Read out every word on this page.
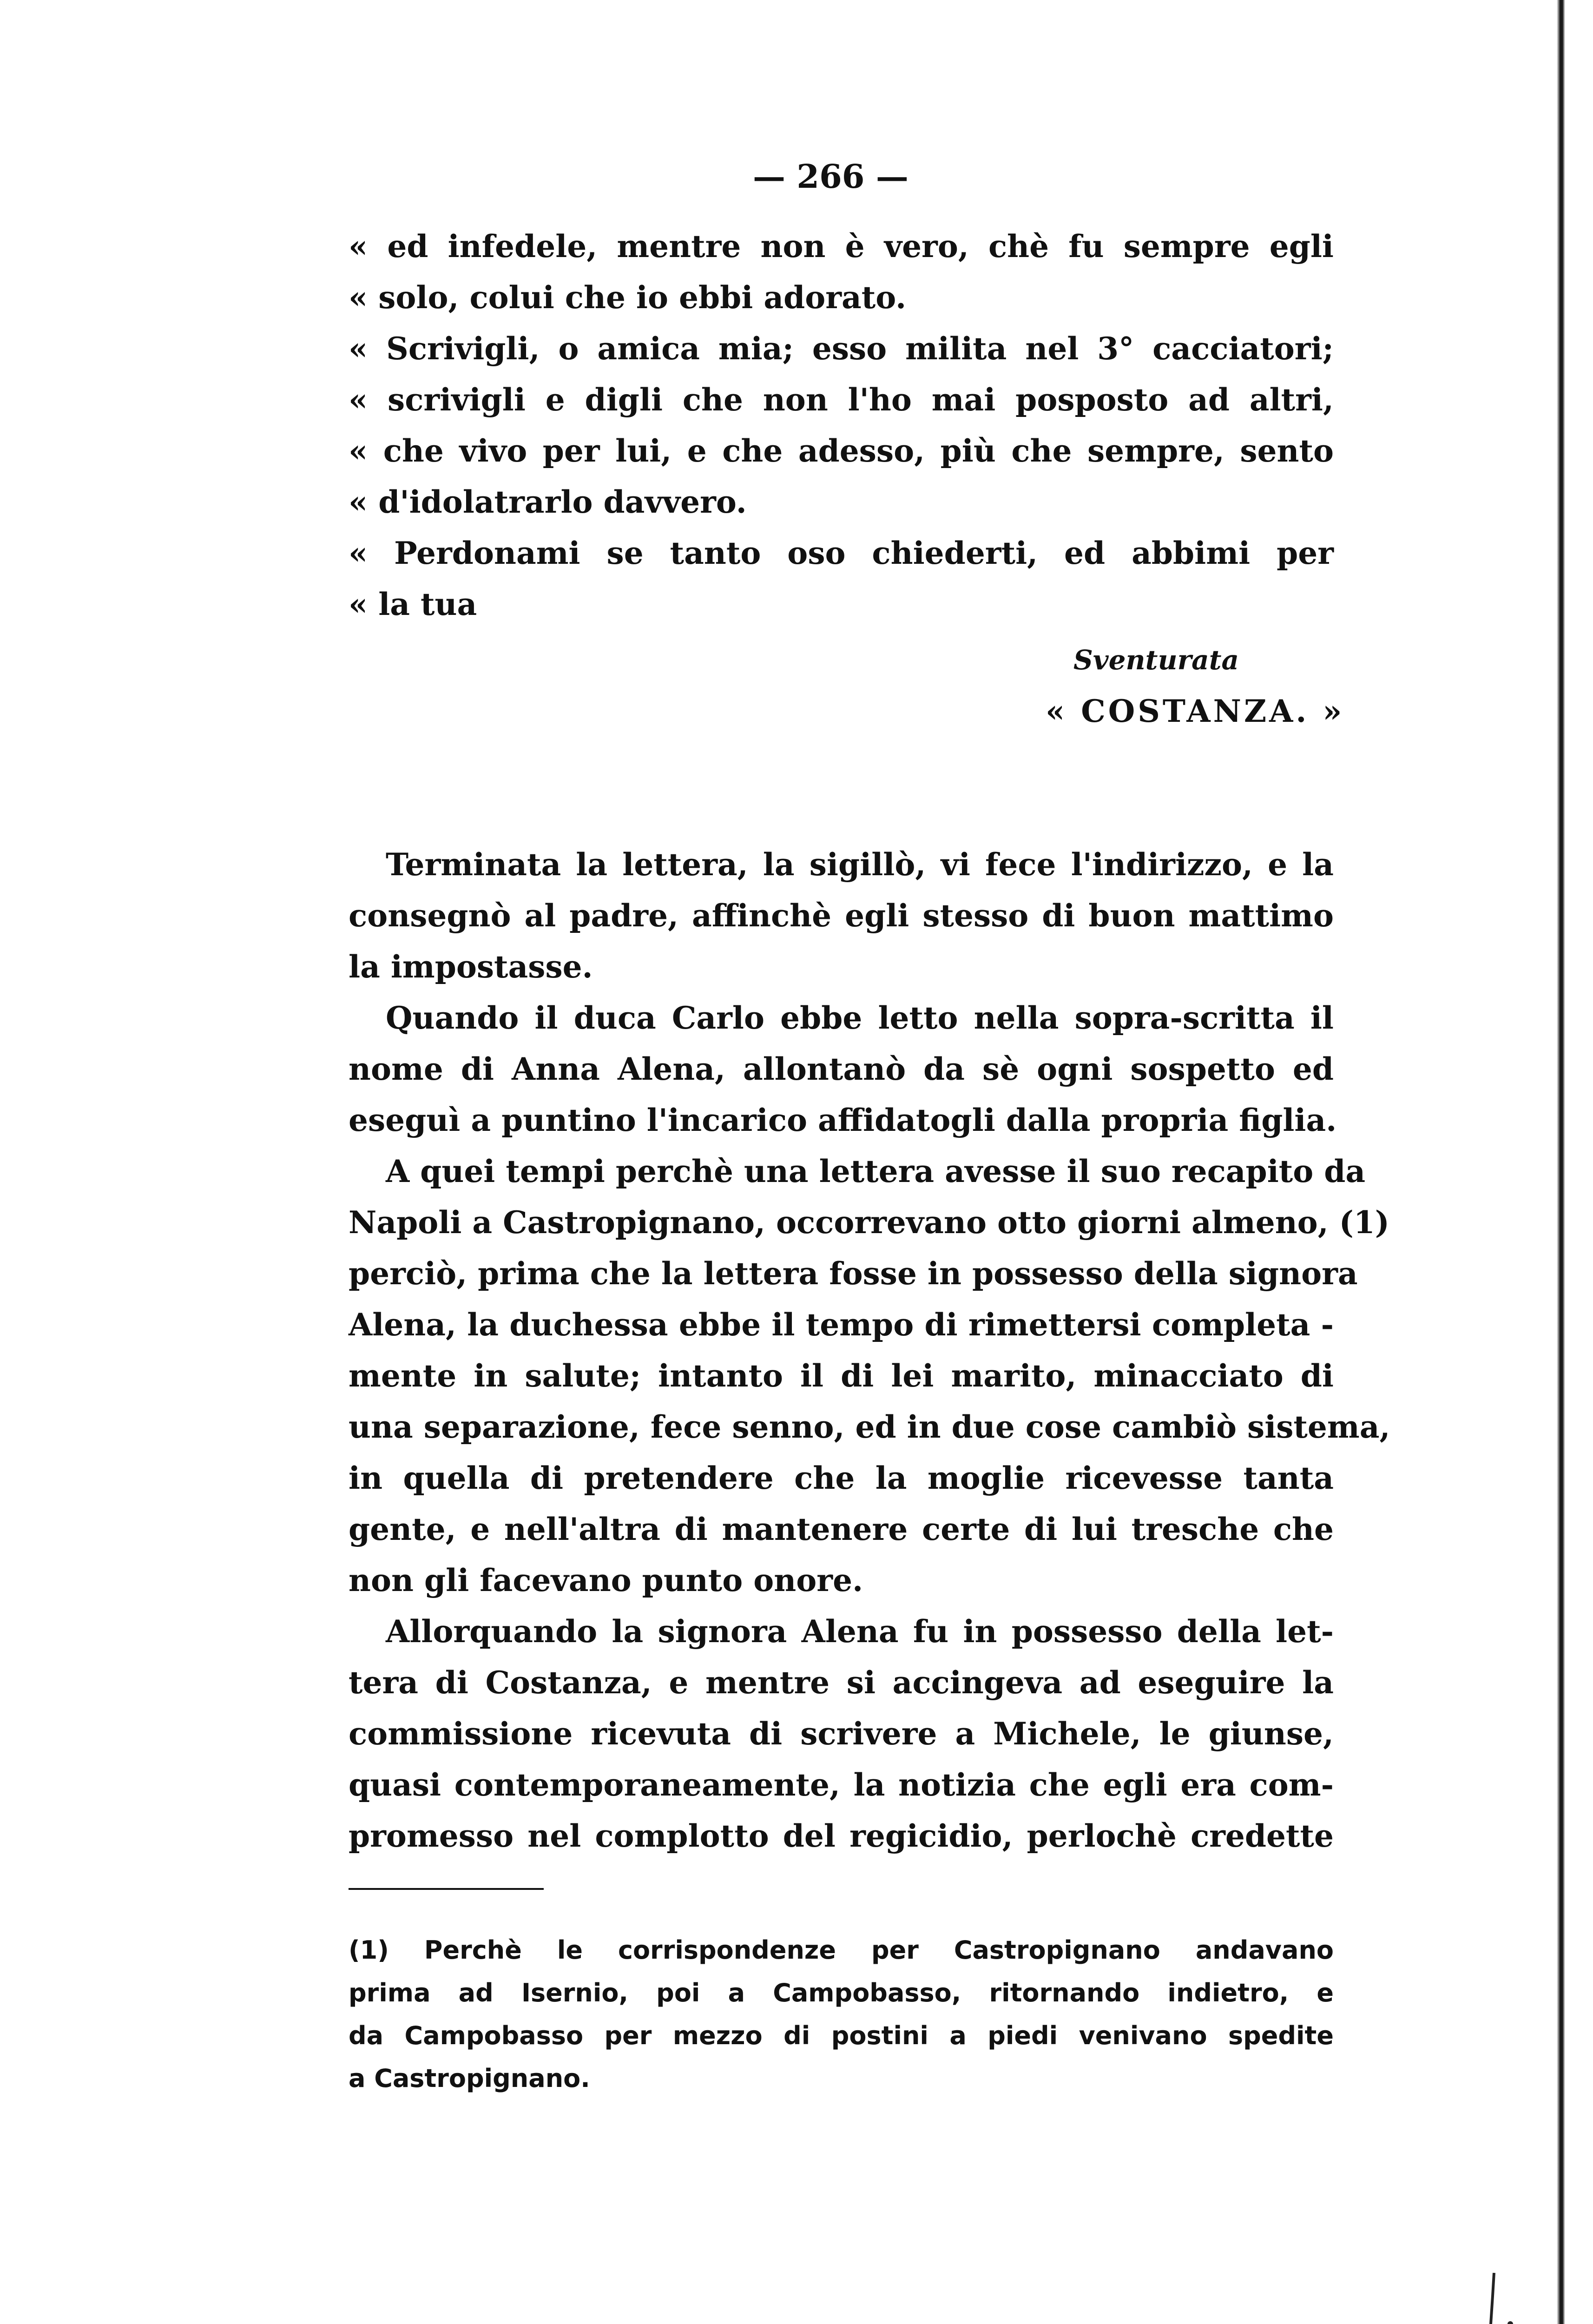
— 266 —
« ed infedele, mentre non è vero, chè fu sempre egli
« solo, colui che io ebbi adorato.
« Scrivigli, o amica mia; esso milita nel 3° cacciatori;
« scrivigli e digli che non l'ho mai posposto ad altri,
« che vivo per lui, e che adesso, più che sempre, sento
« d'idolatrarlo davvero.
« Perdonami se tanto oso chiederti, ed abbimi per
« la tua
Sventurata
« COSTANZA. »
Terminata la lettera, la sigillò, vi fece l'indirizzo, e la
consegnò al padre, affinchè egli stesso di buon mattimo
la impostasse.
Quando il duca Carlo ebbe letto nella sopra-scritta il
nome di Anna Alena, allontanò da sè ogni sospetto ed
eseguì a puntino l'incarico affidatogli dalla propria figlia.
A quei tempi perchè una lettera avesse il suo recapito da
Napoli a Castropignano, occorrevano otto giorni almeno, (1)
perciò, prima che la lettera fosse in possesso della signora
Alena, la duchessa ebbe il tempo di rimettersi completa -
mente in salute; intanto il di lei marito, minacciato di
una separazione, fece senno, ed in due cose cambiò sistema,
in quella di pretendere che la moglie ricevesse tanta
gente, e nell'altra di mantenere certe di lui tresche che
non gli facevano punto onore.
Allorquando la signora Alena fu in possesso della let-
tera di Costanza, e mentre si accingeva ad eseguire la
commissione ricevuta di scrivere a Michele, le giunse,
quasi contemporaneamente, la notizia che egli era com-
promesso nel complotto del regicidio, perlochè credette
(1) Perchè le corrispondenze per Castropignano andavano
prima ad Isernio, poi a Campobasso, ritornando indietro, e
da Campobasso per mezzo di postini a piedi venivano spedite
a Castropignano.
